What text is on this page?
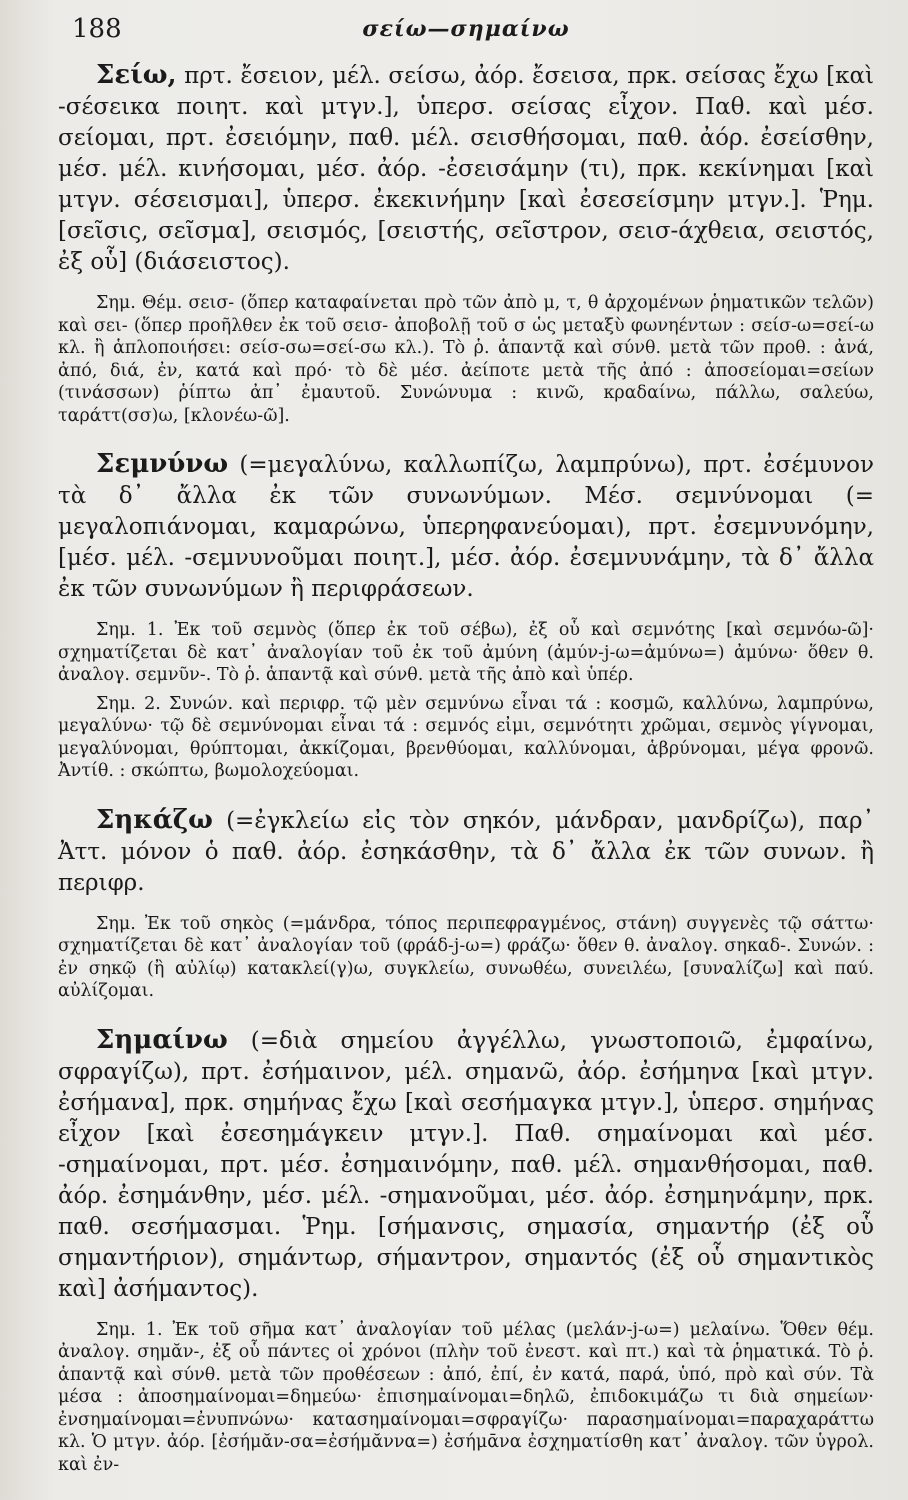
188	σείω—σημαίνω

Σείω, πρτ. ἔσειον, μέλ. σείσω, ἀόρ. ἔσεισα, πρκ. σείσας ἔχω [καὶ -σέσεικα ποιητ. καὶ μτγν.], ὑπερσ. σείσας εἶχον. Παθ. καὶ μέσ. σείομαι, πρτ. ἐσειόμην, παθ. μέλ. σεισθήσομαι, παθ. ἀόρ. ἐσείσθην, μέσ. μέλ. κινήσομαι, μέσ. ἀόρ. -ἐσεισάμην (τι), πρκ. κεκίνημαι [καὶ μτγν. σέσεισμαι], ὑπερσ. ἐκεκινήμην [καὶ ἐσεσείσμην μτγν.]. Ῥημ. [σεῖσις, σεῖσμα], σεισμός, [σειστής, σεῖστρον, σεισ-άχθεια, σειστός, ἐξ οὗ] (διάσειστος).

Σημ. Θέμ. σεισ- (ὅπερ καταφαίνεται πρὸ τῶν ἀπὸ μ, τ, θ ἀρχομένων ῥηματικῶν τελῶν) καὶ σει- (ὅπερ προῆλθεν ἐκ τοῦ σεισ- ἀποβολῇ τοῦ σ ὡς μεταξὺ φωνηέντων : σείσ-ω=σεί-ω κλ. ἢ ἁπλοποιήσει: σείσ-σω=σεί-σω κλ.). Τὸ ῥ. ἁπαντᾷ καὶ σύνθ. μετὰ τῶν προθ. : ἀνά, ἀπό, διά, ἐν, κατά καὶ πρό· τὸ δὲ μέσ. ἀείποτε μετὰ τῆς ἀπό : ἀποσείομαι=σείων (τινάσσων) ῥίπτω ἀπ᾽ ἐμαυτοῦ. Συνώνυμα : κινῶ, κραδαίνω, πάλλω, σαλεύω, ταράττ(σσ)ω, [κλονέω-ῶ].

Σεμνύνω (=μεγαλύνω, καλλωπίζω, λαμπρύνω), πρτ. ἐσέμυνον τὰ δ᾽ ἄλλα ἐκ τῶν συνωνύμων. Μέσ. σεμνύνομαι (= μεγαλοπιάνομαι, καμαρώνω, ὑπερηφανεύομαι), πρτ. ἐσεμνυνόμην, [μέσ. μέλ. -σεμνυνοῦμαι ποιητ.], μέσ. ἀόρ. ἐσεμνυνάμην, τὰ δ᾽ ἄλλα ἐκ τῶν συνωνύμων ἢ περιφράσεων.

Σημ. 1. Ἐκ τοῦ σεμνὸς (ὅπερ ἐκ τοῦ σέβω), ἐξ οὗ καὶ σεμνότης [καὶ σεμνόω-ῶ]· σχηματίζεται δὲ κατ᾽ ἀναλογίαν τοῦ ἐκ τοῦ ἀμύνη (ἀμύν-j-ω=ἀμύνω=) ἀμύνω· ὅθεν θ. ἀναλογ. σεμνῦν-. Τὸ ῥ. ἁπαντᾷ καὶ σύνθ. μετὰ τῆς ἀπὸ καὶ ὑπέρ.

Σημ. 2. Συνών. καὶ περιφρ. τῷ μὲν σεμνύνω εἶναι τά : κοσμῶ, καλλύνω, λαμπρύνω, μεγαλύνω· τῷ δὲ σεμνύνομαι εἶναι τά : σεμνός εἰμι, σεμνότητι χρῶμαι, σεμνὸς γίγνομαι, μεγαλύνομαι, θρύπτομαι, ἀκκίζομαι, βρενθύομαι, καλλύνομαι, ἁβρύνομαι, μέγα φρονῶ. Ἀντίθ. : σκώπτω, βωμολοχεύομαι.

Σηκάζω (=ἐγκλείω εἰς τὸν σηκόν, μάνδραν, μανδρίζω), παρ᾽ Ἀττ. μόνον ὁ παθ. ἀόρ. ἐσηκάσθην, τὰ δ᾽ ἄλλα ἐκ τῶν συνων. ἢ περιφρ.

Σημ. Ἐκ τοῦ σηκὸς (=μάνδρα, τόπος περιπεφραγμένος, στάνη) συγγενὲς τῷ σάττω· σχηματίζεται δὲ κατ᾽ ἀναλογίαν τοῦ (φράδ-j-ω=) φράζω· ὅθεν θ. ἀναλογ. σηκαδ-. Συνών. : ἐν σηκῷ (ἢ αὐλίῳ) κατακλεί(γ)ω, συγκλείω, συνωθέω, συνειλέω, [συναλίζω] καὶ παύ. αὐλίζομαι.

Σημαίνω (=διὰ σημείου ἀγγέλλω, γνωστοποιῶ, ἐμφαίνω, σφραγίζω), πρτ. ἐσήμαινον, μέλ. σημανῶ, ἀόρ. ἐσήμηνα [καὶ μτγν. ἐσήμανα], πρκ. σημήνας ἔχω [καὶ σεσήμαγκα μτγν.], ὑπερσ. σημήνας εἶχον [καὶ ἐσεσημάγκειν μτγν.]. Παθ. σημαίνομαι καὶ μέσ. -σημαίνομαι, πρτ. μέσ. ἐσημαινόμην, παθ. μέλ. σημανθήσομαι, παθ. ἀόρ. ἐσημάνθην, μέσ. μέλ. -σημανοῦμαι, μέσ. ἀόρ. ἐσημηνάμην, πρκ. παθ. σεσήμασμαι. Ῥημ. [σήμανσις, σημασία, σημαντήρ (ἐξ οὗ σημαντήριον), σημάντωρ, σήμαντρον, σημαντός (ἐξ οὗ σημαντικὸς καὶ] ἀσήμαντος).

Σημ. 1. Ἐκ τοῦ σῆμα κατ᾽ ἀναλογίαν τοῦ μέλας (μελάν-j-ω=) μελαίνω. Ὅθεν θέμ. ἀναλογ. σημᾰν-, ἐξ οὗ πάντες οἱ χρόνοι (πλὴν τοῦ ἐνεστ. καὶ πτ.) καὶ τὰ ῥηματικά. Τὸ ῥ. ἁπαντᾷ καὶ σύνθ. μετὰ τῶν προθέσεων : ἀπό, ἐπί, ἐν κατά, παρά, ὑπό, πρὸ καὶ σύν. Τὰ μέσα : ἀποσημαίνομαι=δημεύω· ἐπισημαίνομαι=δηλῶ, ἐπιδοκιμάζω τι διὰ σημείων· ἐνσημαίνομαι=ἐνυπνώνω· κατασημαίνομαι=σφραγίζω· παρασημαίνομαι=παραχαράττω κλ. Ὁ μτγν. ἀόρ. [ἐσήμᾰν-σα=ἐσήμᾰννα=) ἐσήμᾱνα ἐσχηματίσθη κατ᾽ ἀναλογ. τῶν ὑγρολ. καὶ ἐν-
